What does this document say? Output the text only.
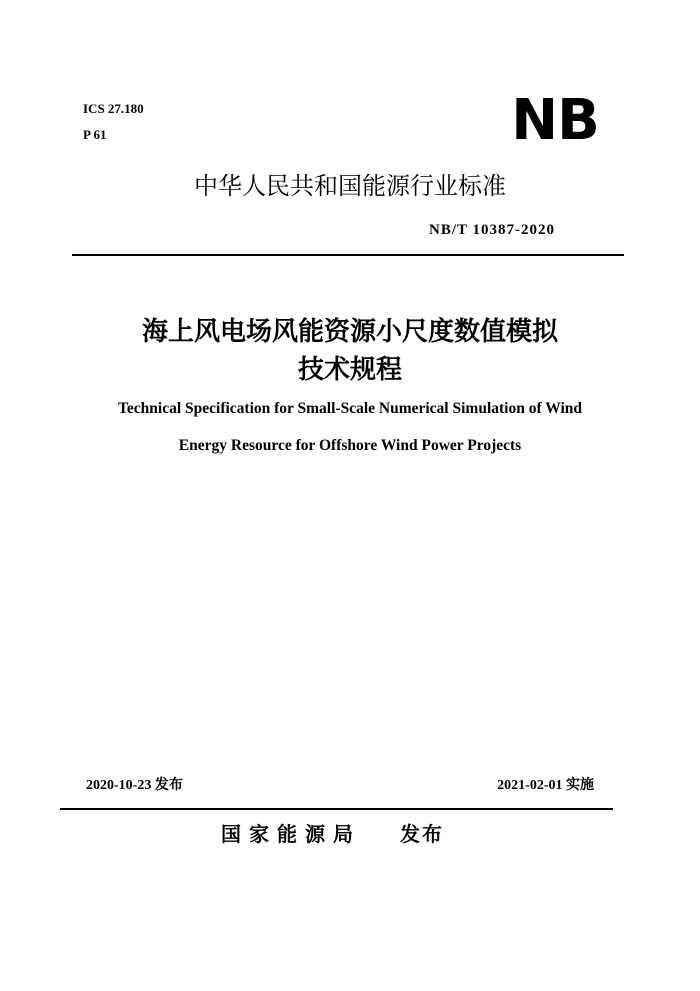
ICS 27.180
P 61	NB
中华人民共和国能源行业标准
NB/T 10387-2020
海上风电场风能资源小尺度数值模拟
技术规程
Technical Specification for Small-Scale Numerical Simulation of Wind
Energy Resource for Offshore Wind Power Projects
2020-10-23 发布	2021-02-01 实施
国家能源局 发布
